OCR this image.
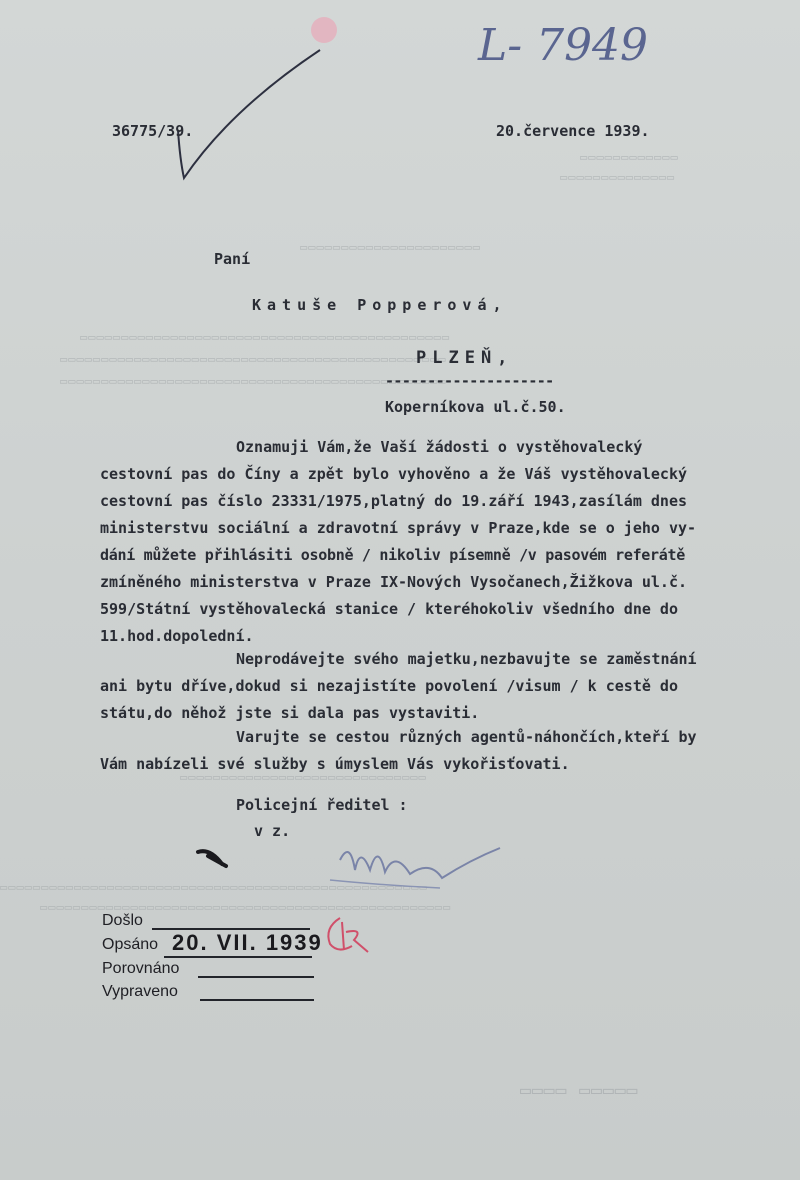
▭▭▭▭▭▭▭▭▭▭▭▭
▭▭▭▭▭▭▭▭▭▭▭▭▭▭
▭▭▭▭▭▭▭▭▭▭▭▭▭▭▭▭▭▭▭▭▭▭
▭▭▭▭▭▭▭▭▭▭▭▭▭▭▭▭▭▭▭▭▭▭▭▭▭▭▭▭▭▭▭▭▭▭▭▭▭▭▭▭▭▭▭▭▭
▭▭▭▭▭▭▭▭▭▭▭▭▭▭▭▭▭▭▭▭▭▭▭▭▭▭▭▭▭▭▭▭▭▭▭▭▭▭▭▭▭▭▭▭▭▭▭
▭▭▭▭▭▭▭▭▭▭▭▭▭▭▭▭▭▭▭▭▭▭▭▭▭▭▭▭▭▭▭▭▭▭▭▭▭▭▭▭▭▭▭▭▭▭▭
▭▭▭▭▭▭▭▭▭▭▭▭▭▭▭▭▭▭▭▭▭▭▭▭▭▭▭▭▭▭
▭▭▭▭▭▭▭▭▭▭▭▭▭▭▭▭▭▭▭▭▭▭▭▭▭▭▭▭▭▭▭▭▭▭▭▭▭▭▭▭▭▭▭▭▭▭▭▭▭▭▭▭
▭▭▭▭▭▭▭▭▭▭▭▭▭▭▭▭▭▭▭▭▭▭▭▭▭▭▭▭▭▭▭▭▭▭▭▭▭▭▭▭▭▭▭▭▭▭▭▭▭▭
▭▭▭▭ ▭▭▭▭▭
L- 7949
36775/39.	20.července 1939.
Paní
Katuše Popperová,
PLZEŇ,
--------------------
Koperníkova ul.č.50.
Oznamuji Vám,že Vaší žádosti o vystěhovalecký
cestovní pas do Číny a zpět bylo vyhověno a že Váš vystěhovalecký
cestovní pas číslo 23331/1975,platný do 19.září 1943,zasílám dnes
ministerstvu sociální a zdravotní správy v Praze,kde se o jeho vy-
dání můžete přihlásiti osobně / nikoliv písemně /v pasovém referátě
zmíněného ministerstva v Praze IX-Nových Vysočanech,Žižkova ul.č.
599/Státní vystěhovalecká stanice / kteréhokoliv všedního dne do
11.hod.dopolední.
Neprodávejte svého majetku,nezbavujte se zaměstnání
ani bytu dříve,dokud si nezajistíte povolení /visum / k cestě do
státu,do něhož jste si dala pas vystaviti.
Varujte se cestou různých agentů-náhončích,kteří by
Vám nabízeli své služby s úmyslem Vás vykořisťovati.
Policejní ředitel :
v z.
Došlo
Opsáno 20. VII. 1939
Porovnáno
Vypraveno
